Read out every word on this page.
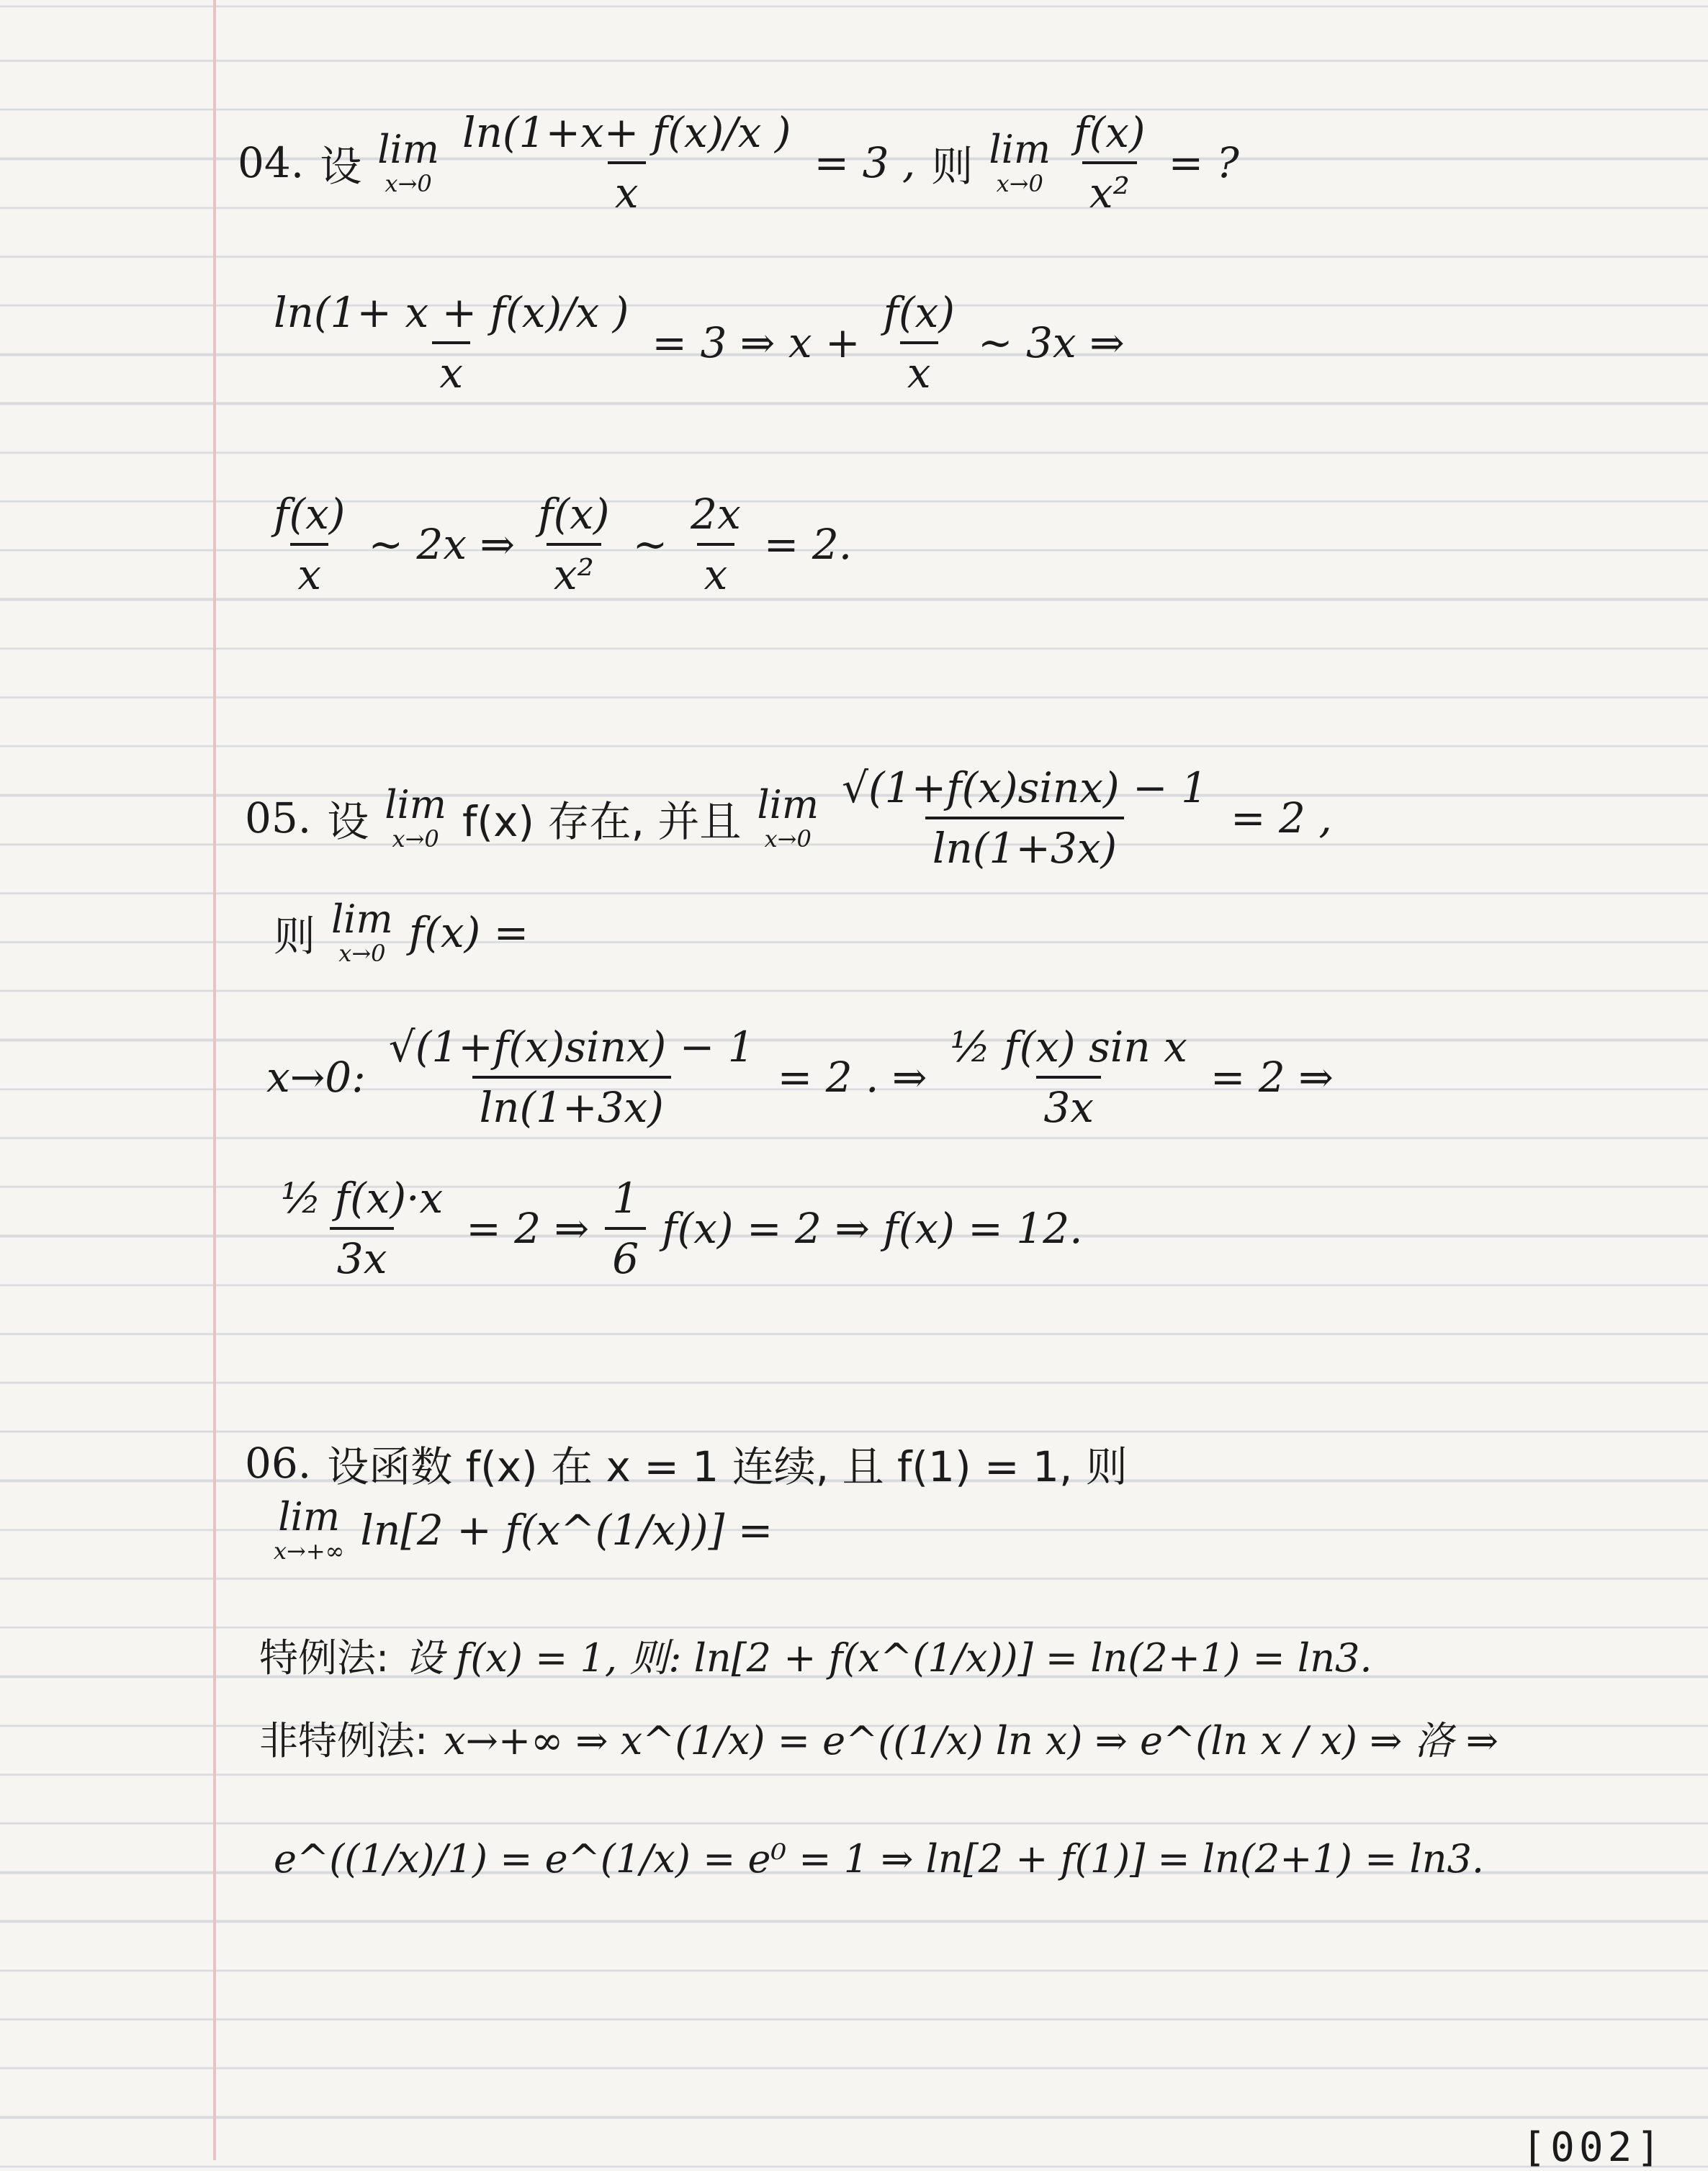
04. 设 lim
$x\to 0 \frac{\ln(1+x+ f(x)/x )}{x} = 3$ , 则 lim
$x\to 0 \frac{f(x)}{\text{x²}}$ = ?
$\frac{\ln(1+ x + f(x)/x )}{x} = 3$ ⇒ $x + \frac{f(x)}{x}$ ~ 3x ⇒
$\frac{f(x)}{x}$ ~ 2x ⇒ $\frac{f(x)}{\text{x²}}$ ~ $\frac{2x}{x} = 2$.
05. 设 lim
x→0 f(x) 存在, 并且 lim
$x\to 0 \frac{√(1+f(x)\sin x) - 1}{\ln(1+3x)} = 2$ ,
则 lim
x→0 f(x) =
x→0: $\frac{√(1+f(x)\sin x) - 1}{\ln(1+3x)} = 2$ . ⇒ $\frac{\text{½ f(x) sin x}}{3x} = 2$ ⇒
$\frac{\text{½ f(x)·x}}{3x} = 2$ ⇒ $\frac{1}{6} f(x) = 2$ ⇒ f(x) = 12.
06. 设函数 f(x) 在 x = 1 连续, 且 f(1) = 1, 则
lim
x→+∞ ln[2 + f(x^(1/x))] =
特例法: 设 f(x) = 1, 则: ln[2 + f(x^(1/x))] = ln(2+1) = ln3.
非特例法: x→+∞ ⇒ x^(1/x) = e^((1/x) ln x) ⇒ e^(ln x / x) ⇒ 洛 ⇒
e^((1/x)/1) = e^(1/x) = e⁰ = 1 ⇒ ln[2 + f(1)] = ln(2+1) = ln3.
[002]
